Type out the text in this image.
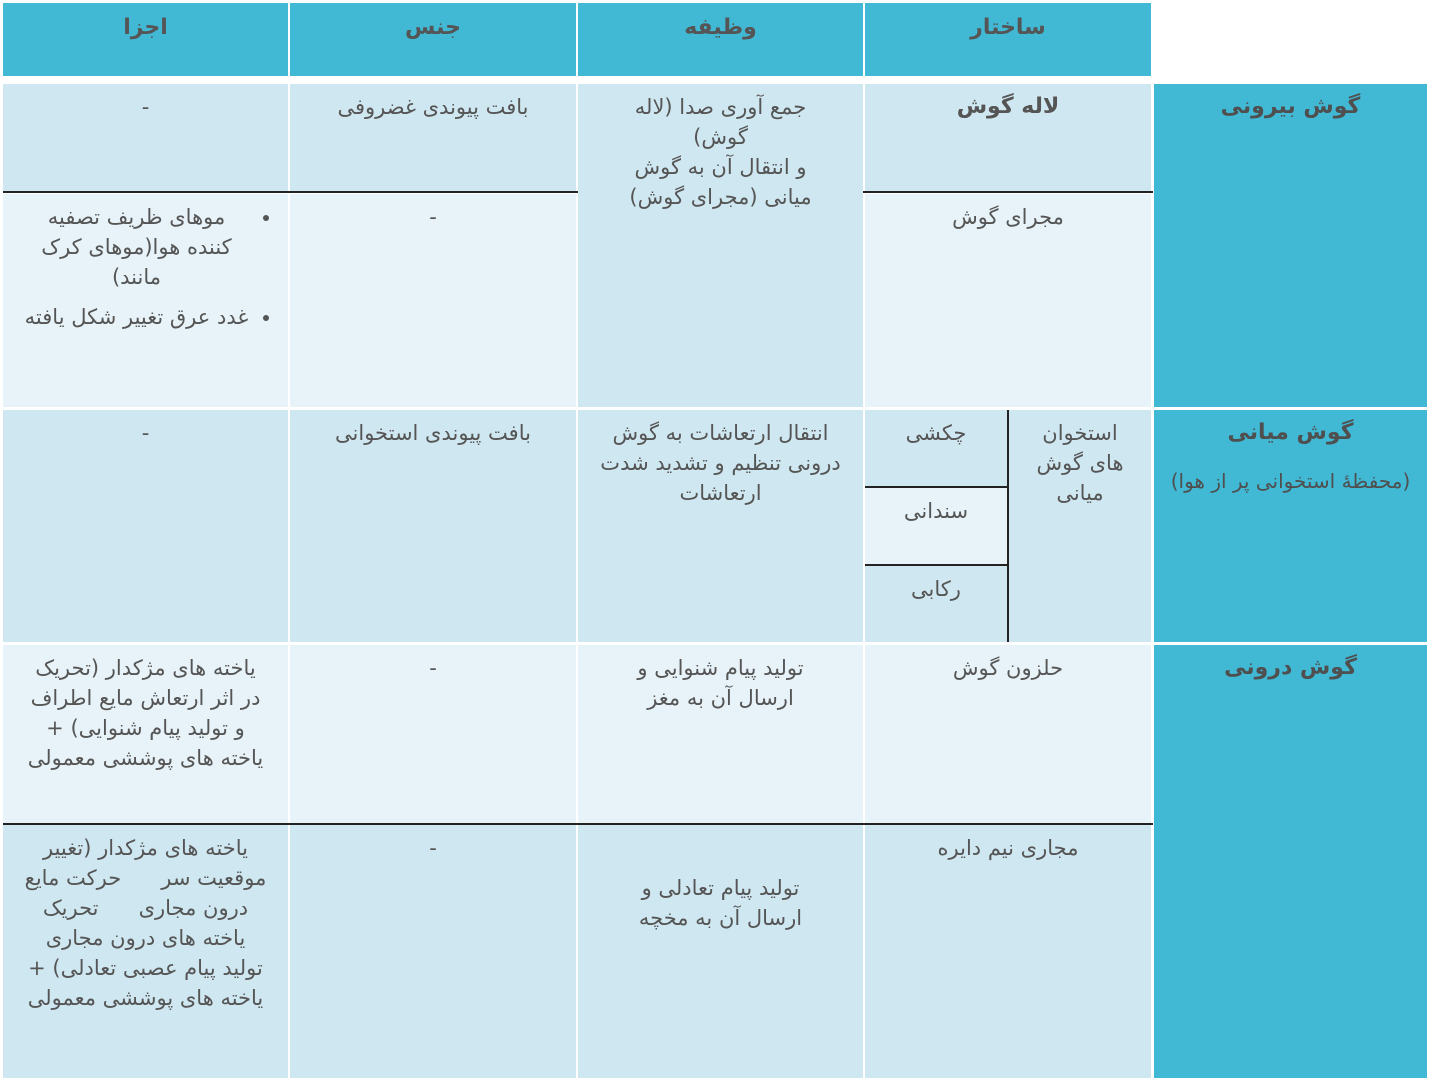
ساختار
وظیفه
جنس
اجزا
گوش بیرونی
لاله گوش
مجرای گوش
جمع آوری صدا (لاله گوش)
و انتقال آن به گوش میانی (مجرای گوش)
بافت پیوندی غضروفی
-
-
• موهای ظریف تصفیه کننده هوا(موهای کرک مانند)
• غدد عرق تغییر شکل یافته
گوش میانی
(محفظۀ استخوانی پر از هوا)
استخوان های گوش میانی
چکشی
سندانی
رکابی
انتقال ارتعاشات به گوش درونی تنظیم و تشدید شدت ارتعاشات
بافت پیوندی استخوانی
-
گوش درونی
حلزون گوش
تولید پیام شنوایی و ارسال آن به مغز
-
یاخته های مژکدار (تحریک در اثر ارتعاش مایع اطراف و تولید پیام شنوایی) + یاخته های پوششی معمولی
مجاری نیم دایره
تولید پیام تعادلی و ارسال آن به مخچه
-
یاخته های مژکدار (تغییر موقعیت سر      حرکت مایع درون مجاری      تحریک یاخته های درون مجاری      تولید پیام عصبی تعادلی) + یاخته های پوششی معمولی
